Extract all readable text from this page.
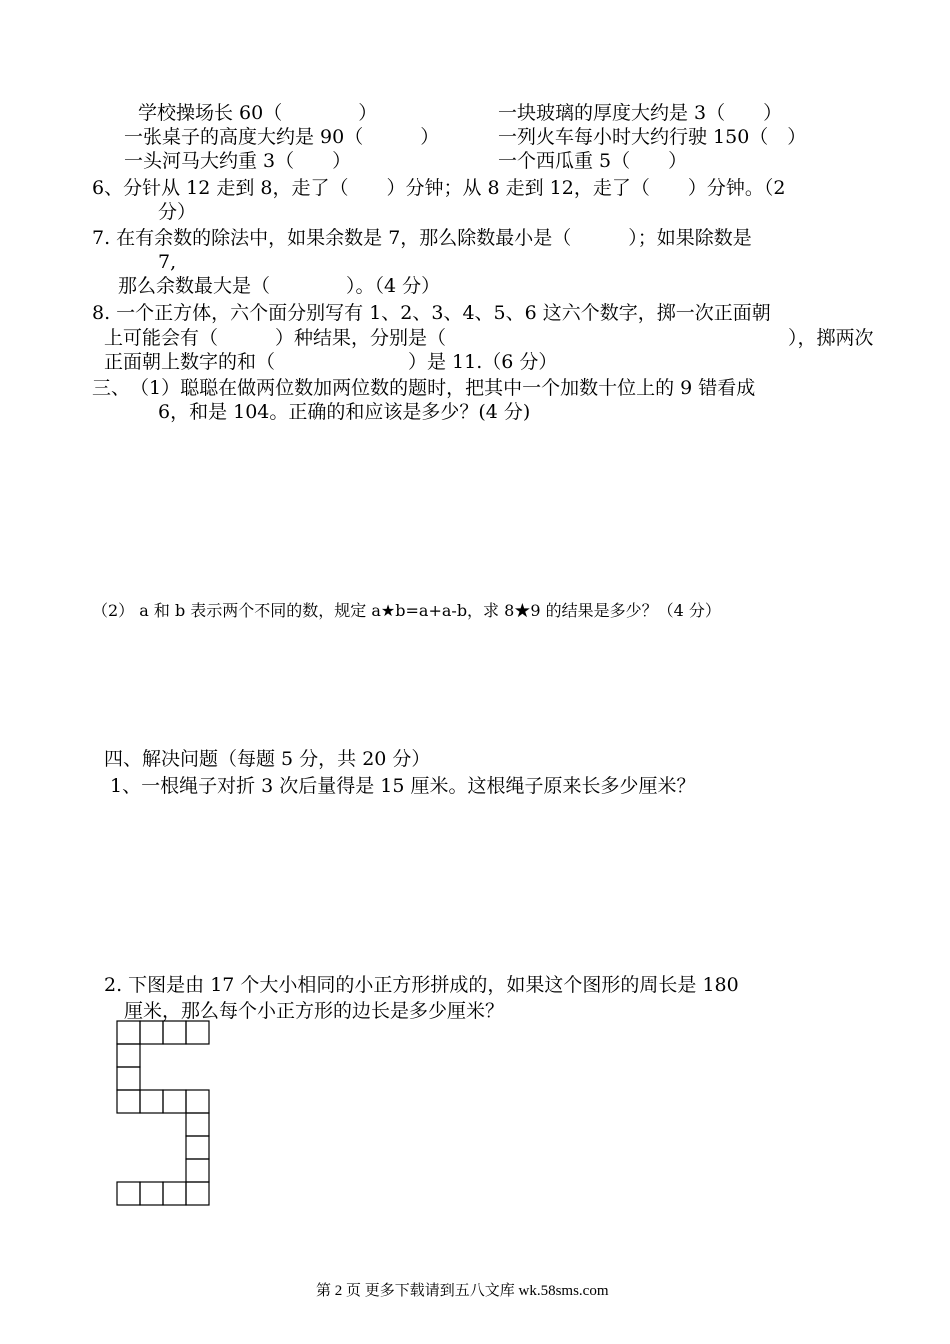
学校操场长 60（　　　　）	一块玻璃的厚度大约是 3（　　）
一张桌子的高度大约是 90（　　　）	一列火车每小时大约行驶 150（　）
一头河马大约重 3（　　）	一个西瓜重 5（　　）
6、分针从 12 走到 8，走了（　　）分钟；从 8 走到 12，走了（　　）分钟。（2
分）
7. 在有余数的除法中，如果余数是 7，那么除数最小是（　　　）；如果除数是
7,
那么余数最大是（　　　　）。（4 分）
8. 一个正方体，六个面分别写有 1、2、3、4、5、6 这六个数字，掷一次正面朝
上可能会有（　　　）种结果，分别是（　　　　　　　　　　　　　　　　　　），掷两次
正面朝上数字的和（　　　　　　　）是 11.（6 分）
三、 （1）聪聪在做两位数加两位数的题时，把其中一个加数十位上的 9 错看成
6，和是 104。正确的和应该是多少？(4 分)
（2） a 和 b 表示两个不同的数，规定 a★b=a+a-b，求 8★9 的结果是多少？（4 分）
四、解决问题（每题 5 分，共 20 分）
1、一根绳子对折 3 次后量得是 15 厘米。这根绳子原来长多少厘米？
2. 下图是由 17 个大小相同的小正方形拼成的，如果这个图形的周长是 180
厘米，那么每个小正方形的边长是多少厘米？
第 2 页 更多下载请到五八文库 wk.58sms.com
